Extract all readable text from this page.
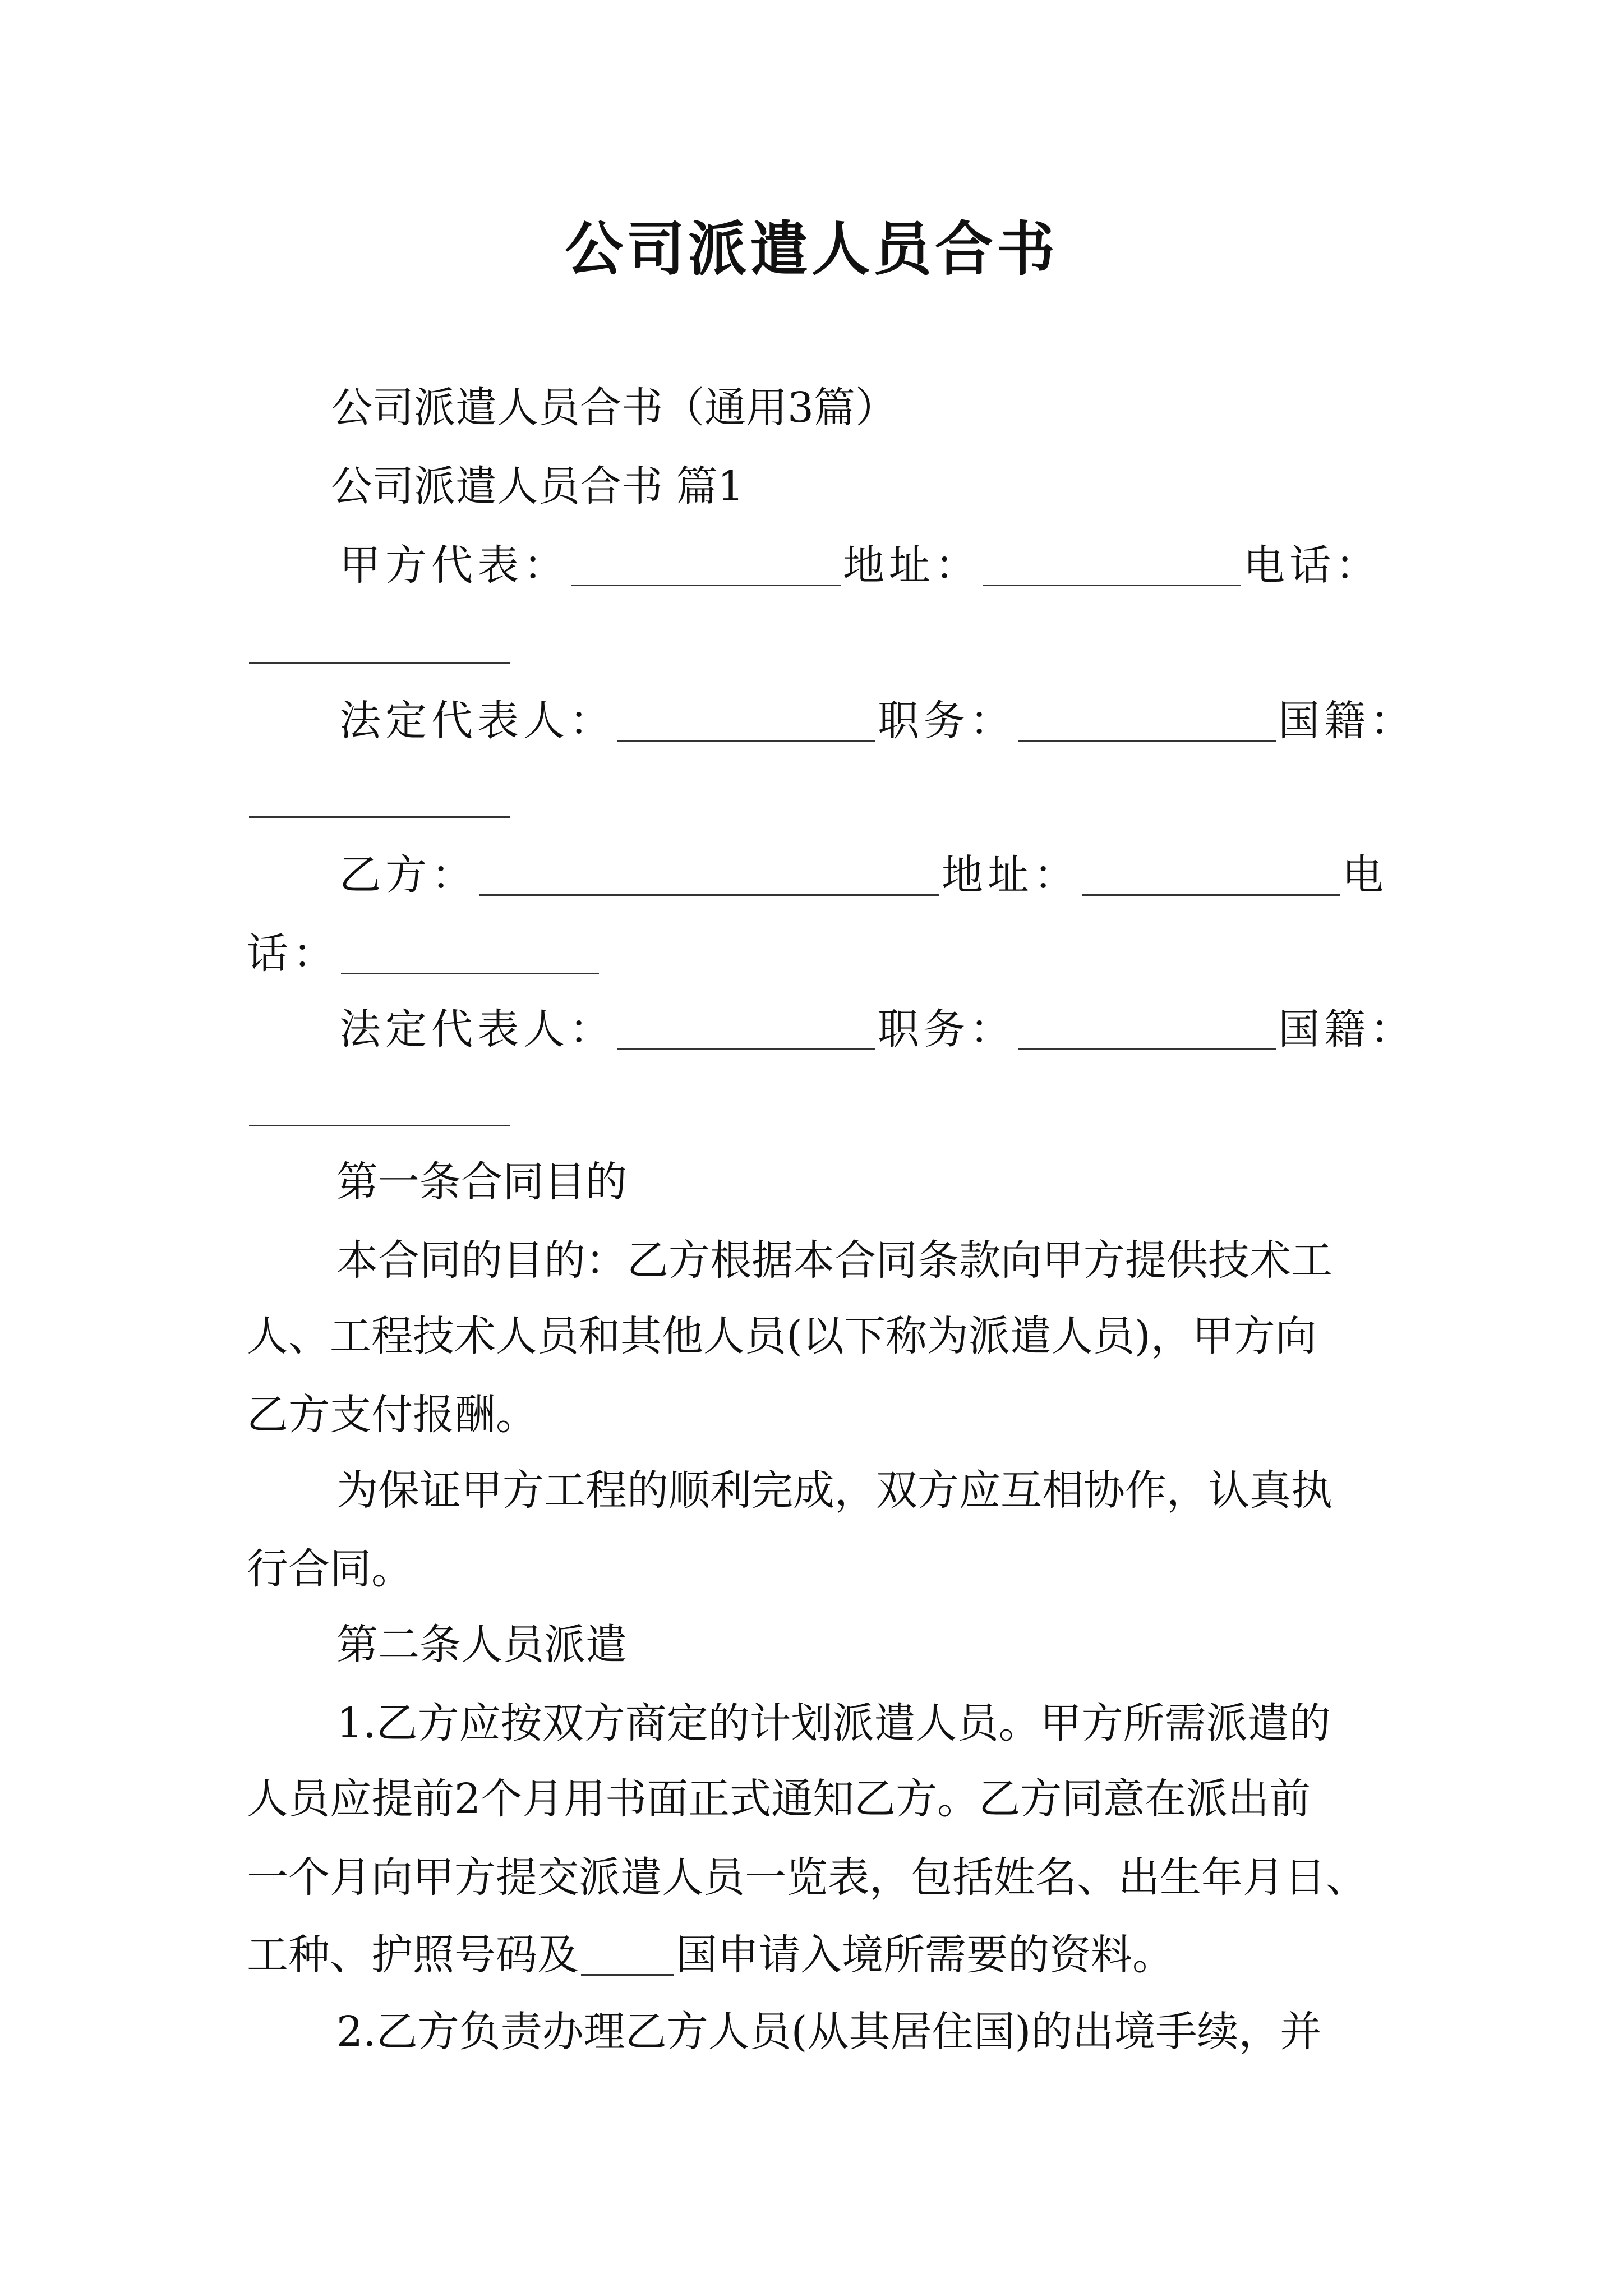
公司派遣人员合书
公司派遣人员合书（通用3篇）
公司派遣人员合书 篇1
甲方代表：	地址：	电话：
法定代表人：	职务：	国籍：
乙方：	地址：	电
话：
法定代表人：	职务：	国籍：
第一条合同目的
本合同的目的：乙方根据本合同条款向甲方提供技术工
人、工程技术人员和其他人员(以下称为派遣人员)，甲方向
乙方支付报酬。
为保证甲方工程的顺利完成，双方应互相协作，认真执
行合同。
第二条人员派遣
1.乙方应按双方商定的计划派遣人员。甲方所需派遣的
人员应提前2个月用书面正式通知乙方。乙方同意在派出前
一个月向甲方提交派遣人员一览表，包括姓名、出生年月日、
工种、护照号码及 国申请入境所需要的资料。
2.乙方负责办理乙方人员(从其居住国)的出境手续，并
